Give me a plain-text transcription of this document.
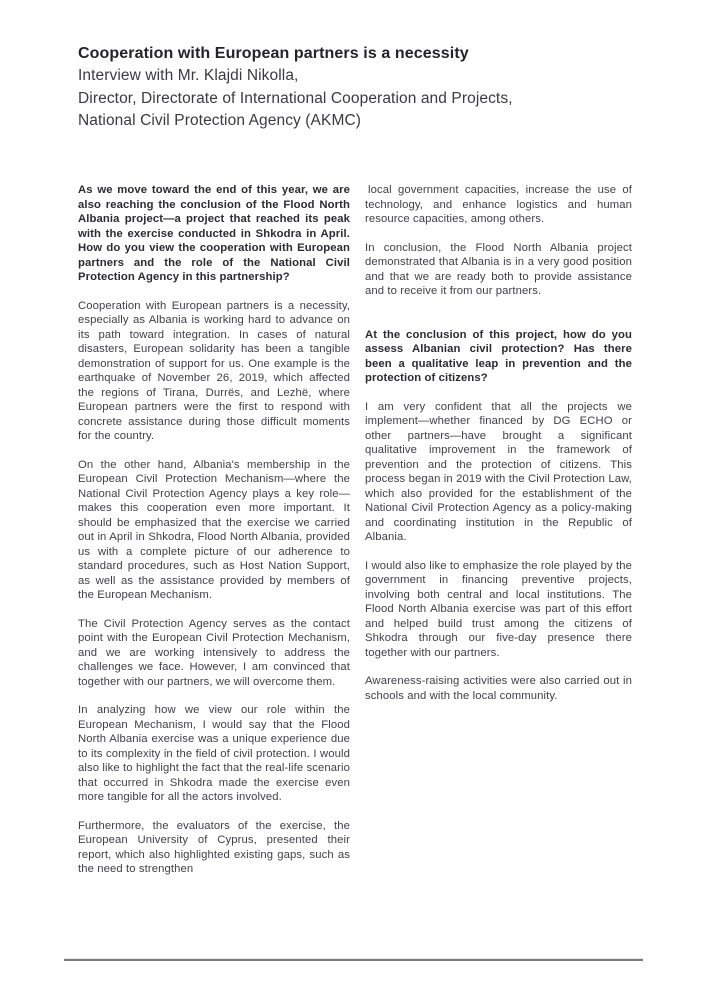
Cooperation with European partners is a necessity
Interview with Mr. Klajdi Nikolla,
Director, Directorate of International Cooperation and Projects,
National Civil Protection Agency (AKMC)

As we move toward the end of this year, we are also reaching the conclusion of the Flood North Albania project—a project that reached its peak with the exercise conducted in Shkodra in April. How do you view the cooperation with European partners and the role of the National Civil Protection Agency in this partnership?

Cooperation with European partners is a necessity, especially as Albania is working hard to advance on its path toward integration. In cases of natural disasters, European solidarity has been a tangible demonstration of support for us. One example is the earthquake of November 26, 2019, which affected the regions of Tirana, Durrës, and Lezhë, where European partners were the first to respond with concrete assistance during those difficult moments for the country.

On the other hand, Albania's membership in the European Civil Protection Mechanism—where the National Civil Protection Agency plays a key role—makes this cooperation even more important. It should be emphasized that the exercise we carried out in April in Shkodra, Flood North Albania, provided us with a complete picture of our adherence to standard procedures, such as Host Nation Support, as well as the assistance provided by members of the European Mechanism.

The Civil Protection Agency serves as the contact point with the European Civil Protection Mechanism, and we are working intensively to address the challenges we face. However, I am convinced that together with our partners, we will overcome them.

In analyzing how we view our role within the European Mechanism, I would say that the Flood North Albania exercise was a unique experience due to its complexity in the field of civil protection. I would also like to highlight the fact that the real-life scenario that occurred in Shkodra made the exercise even more tangible for all the actors involved.

Furthermore, the evaluators of the exercise, the European University of Cyprus, presented their report, which also highlighted existing gaps, such as the need to strengthen

local government capacities, increase the use of technology, and enhance logistics and human resource capacities, among others.

In conclusion, the Flood North Albania project demonstrated that Albania is in a very good position and that we are ready both to provide assistance and to receive it from our partners.

At the conclusion of this project, how do you assess Albanian civil protection? Has there been a qualitative leap in prevention and the protection of citizens?

I am very confident that all the projects we implement—whether financed by DG ECHO or other partners—have brought a significant qualitative improvement in the framework of prevention and the protection of citizens. This process began in 2019 with the Civil Protection Law, which also provided for the establishment of the National Civil Protection Agency as a policy-making and coordinating institution in the Republic of Albania.

I would also like to emphasize the role played by the government in financing preventive projects, involving both central and local institutions. The Flood North Albania exercise was part of this effort and helped build trust among the citizens of Shkodra through our five-day presence there together with our partners.

Awareness-raising activities were also carried out in schools and with the local community.
